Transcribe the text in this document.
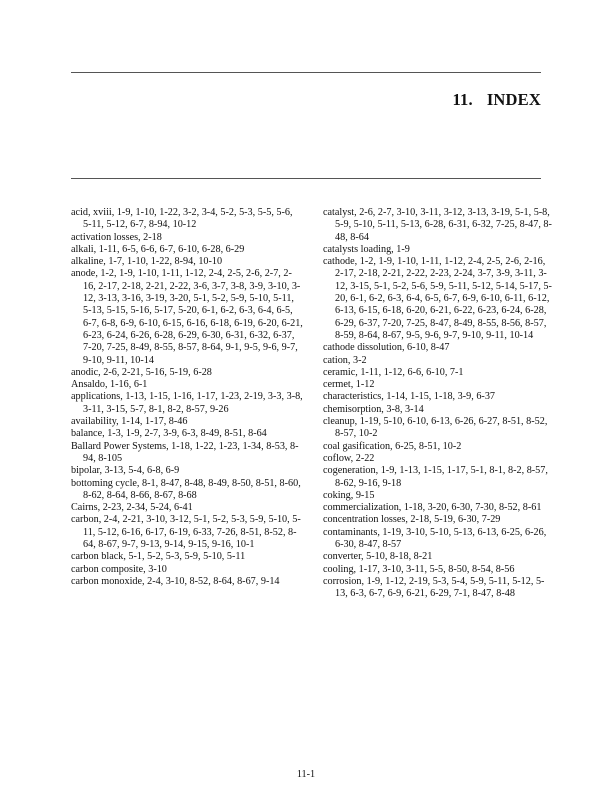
11. INDEX
acid, xviii, 1-9, 1-10, 1-22, 3-2, 3-4, 5-2, 5-3, 5-5, 5-6, 5-11, 5-12, 6-7, 8-94, 10-12
activation losses, 2-18
alkali, 1-11, 6-5, 6-6, 6-7, 6-10, 6-28, 6-29
alkaline, 1-7, 1-10, 1-22, 8-94, 10-10
anode, 1-2, 1-9, 1-10, 1-11, 1-12, 2-4, 2-5, 2-6, 2-7, 2-16, 2-17, 2-18, 2-21, 2-22, 3-6, 3-7, 3-8, 3-9, 3-10, 3-12, 3-13, 3-16, 3-19, 3-20, 5-1, 5-2, 5-9, 5-10, 5-11, 5-13, 5-15, 5-16, 5-17, 5-20, 6-1, 6-2, 6-3, 6-4, 6-5, 6-7, 6-8, 6-9, 6-10, 6-15, 6-16, 6-18, 6-19, 6-20, 6-21, 6-23, 6-24, 6-26, 6-28, 6-29, 6-30, 6-31, 6-32, 6-37, 7-20, 7-25, 8-49, 8-55, 8-57, 8-64, 9-1, 9-5, 9-6, 9-7, 9-10, 9-11, 10-14
anodic, 2-6, 2-21, 5-16, 5-19, 6-28
Ansaldo, 1-16, 6-1
applications, 1-13, 1-15, 1-16, 1-17, 1-23, 2-19, 3-3, 3-8, 3-11, 3-15, 5-7, 8-1, 8-2, 8-57, 9-26
availability, 1-14, 1-17, 8-46
balance, 1-3, 1-9, 2-7, 3-9, 6-3, 8-49, 8-51, 8-64
Ballard Power Systems, 1-18, 1-22, 1-23, 1-34, 8-53, 8-94, 8-105
bipolar, 3-13, 5-4, 6-8, 6-9
bottoming cycle, 8-1, 8-47, 8-48, 8-49, 8-50, 8-51, 8-60, 8-62, 8-64, 8-66, 8-67, 8-68
Cairns, 2-23, 2-34, 5-24, 6-41
carbon, 2-4, 2-21, 3-10, 3-12, 5-1, 5-2, 5-3, 5-9, 5-10, 5-11, 5-12, 6-16, 6-17, 6-19, 6-33, 7-26, 8-51, 8-52, 8-64, 8-67, 9-7, 9-13, 9-14, 9-15, 9-16, 10-1
carbon black, 5-1, 5-2, 5-3, 5-9, 5-10, 5-11
carbon composite, 3-10
carbon monoxide, 2-4, 3-10, 8-52, 8-64, 8-67, 9-14
catalyst, 2-6, 2-7, 3-10, 3-11, 3-12, 3-13, 3-19, 5-1, 5-8, 5-9, 5-10, 5-11, 5-13, 6-28, 6-31, 6-32, 7-25, 8-47, 8-48, 8-64
catalysts loading, 1-9
cathode, 1-2, 1-9, 1-10, 1-11, 1-12, 2-4, 2-5, 2-6, 2-16, 2-17, 2-18, 2-21, 2-22, 2-23, 2-24, 3-7, 3-9, 3-11, 3-12, 3-15, 5-1, 5-2, 5-6, 5-9, 5-11, 5-12, 5-14, 5-17, 5-20, 6-1, 6-2, 6-3, 6-4, 6-5, 6-7, 6-9, 6-10, 6-11, 6-12, 6-13, 6-15, 6-18, 6-20, 6-21, 6-22, 6-23, 6-24, 6-28, 6-29, 6-37, 7-20, 7-25, 8-47, 8-49, 8-55, 8-56, 8-57, 8-59, 8-64, 8-67, 9-5, 9-6, 9-7, 9-10, 9-11, 10-14
cathode dissolution, 6-10, 8-47
cation, 3-2
ceramic, 1-11, 1-12, 6-6, 6-10, 7-1
cermet, 1-12
characteristics, 1-14, 1-15, 1-18, 3-9, 6-37
chemisorption, 3-8, 3-14
cleanup, 1-19, 5-10, 6-10, 6-13, 6-26, 6-27, 8-51, 8-52, 8-57, 10-2
coal gasification, 6-25, 8-51, 10-2
coflow, 2-22
cogeneration, 1-9, 1-13, 1-15, 1-17, 5-1, 8-1, 8-2, 8-57, 8-62, 9-16, 9-18
coking, 9-15
commercialization, 1-18, 3-20, 6-30, 7-30, 8-52, 8-61
concentration losses, 2-18, 5-19, 6-30, 7-29
contaminants, 1-19, 3-10, 5-10, 5-13, 6-13, 6-25, 6-26, 6-30, 8-47, 8-57
converter, 5-10, 8-18, 8-21
cooling, 1-17, 3-10, 3-11, 5-5, 8-50, 8-54, 8-56
corrosion, 1-9, 1-12, 2-19, 5-3, 5-4, 5-9, 5-11, 5-12, 5-13, 6-3, 6-7, 6-9, 6-21, 6-29, 7-1, 8-47, 8-48
11-1
